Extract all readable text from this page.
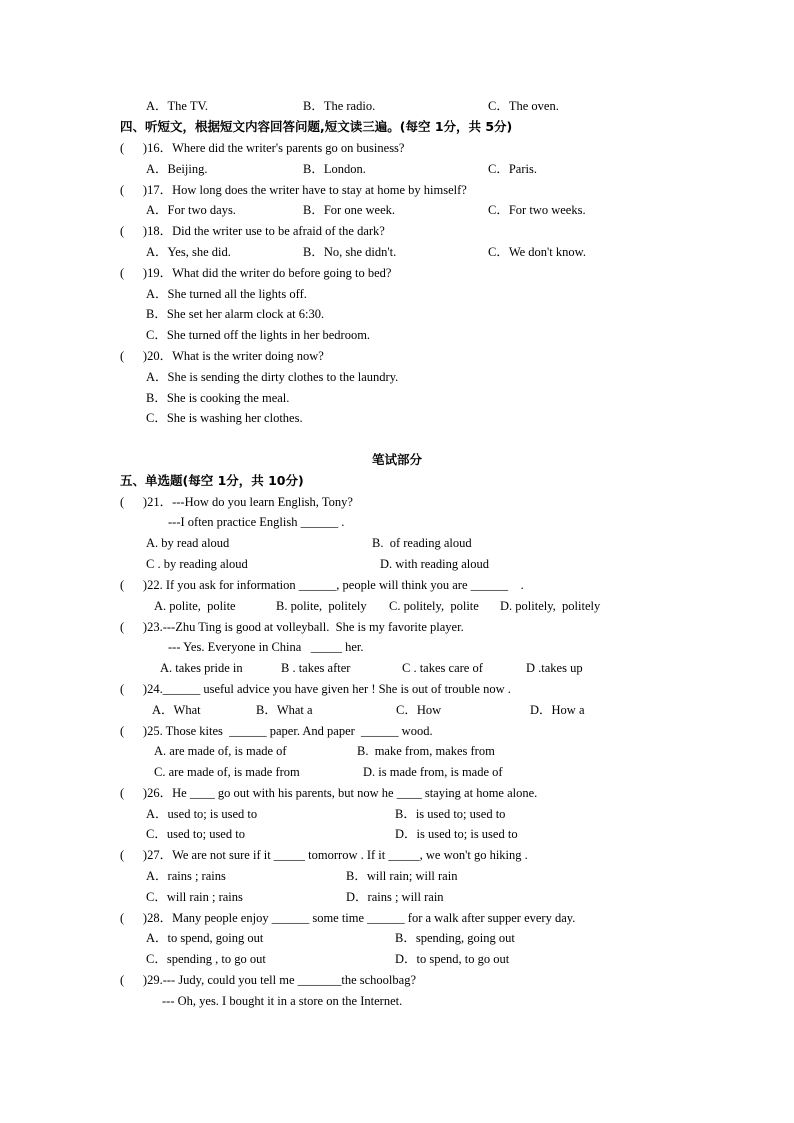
A．The TV.	B．The radio.	C．The oven.
四、听短文，根据短文内容回答问题,短文读三遍。(每空 1分，共 5分)
(      )16．Where did the writer's parents go on business?
A．Beijing.	B．London.	C．Paris.
(      )17．How long does the writer have to stay at home by himself?
A．For two days.	B．For one week.	C．For two weeks.
(      )18．Did the writer use to be afraid of the dark?
A．Yes, she did.	B．No, she didn't.	C．We don't know.
(      )19．What did the writer do before going to bed?
A．She turned all the lights off.
B．She set her alarm clock at 6:30.
C．She turned off the lights in her bedroom.
(      )20．What is the writer doing now?
A．She is sending the dirty clothes to the laundry.
B．She is cooking the meal.
C．She is washing her clothes.
笔试部分
五、单选题(每空 1分，共 10分)
(      )21．---How do you learn English, Tony?
---I often practice English ______ .
A. by read aloud	B.  of reading aloud
C . by reading aloud	D. with reading aloud
(      )22. If you ask for information ______, people will think you are ______    .
A. polite,  polite	B. polite,  politely C. politely,  polite D. politely,  politely
(      )23.---Zhu Ting is good at volleyball.  She is my favorite player.
--- Yes. Everyone in China   _____ her.
A. takes pride in	B . takes after	C . takes care of	D .takes up
(      )24.______ useful advice you have given her ! She is out of trouble now .
A．What	B．What a	C．How	D．How a
(      )25. Those kites  ______ paper. And paper  ______ wood.
A. are made of, is made of	B.  make from, makes from
C. are made of, is made from	D. is made from, is made of
(      )26．He ____ go out with his parents, but now he ____ staying at home alone.
A．used to; is used to	B．is used to; used to
C．used to; used to	D．is used to; is used to
(      )27．We are not sure if it _____ tomorrow . If it _____, we won't go hiking .
A．rains ; rains	B．will rain; will rain
C．will rain ; rains	D．rains ; will rain
(      )28．Many people enjoy ______ some time ______ for a walk after supper every day.
A．to spend, going out	B．spending, going out
C．spending , to go out	D．to spend, to go out
(      )29.--- Judy, could you tell me _______the schoolbag?
--- Oh, yes. I bought it in a store on the Internet.
